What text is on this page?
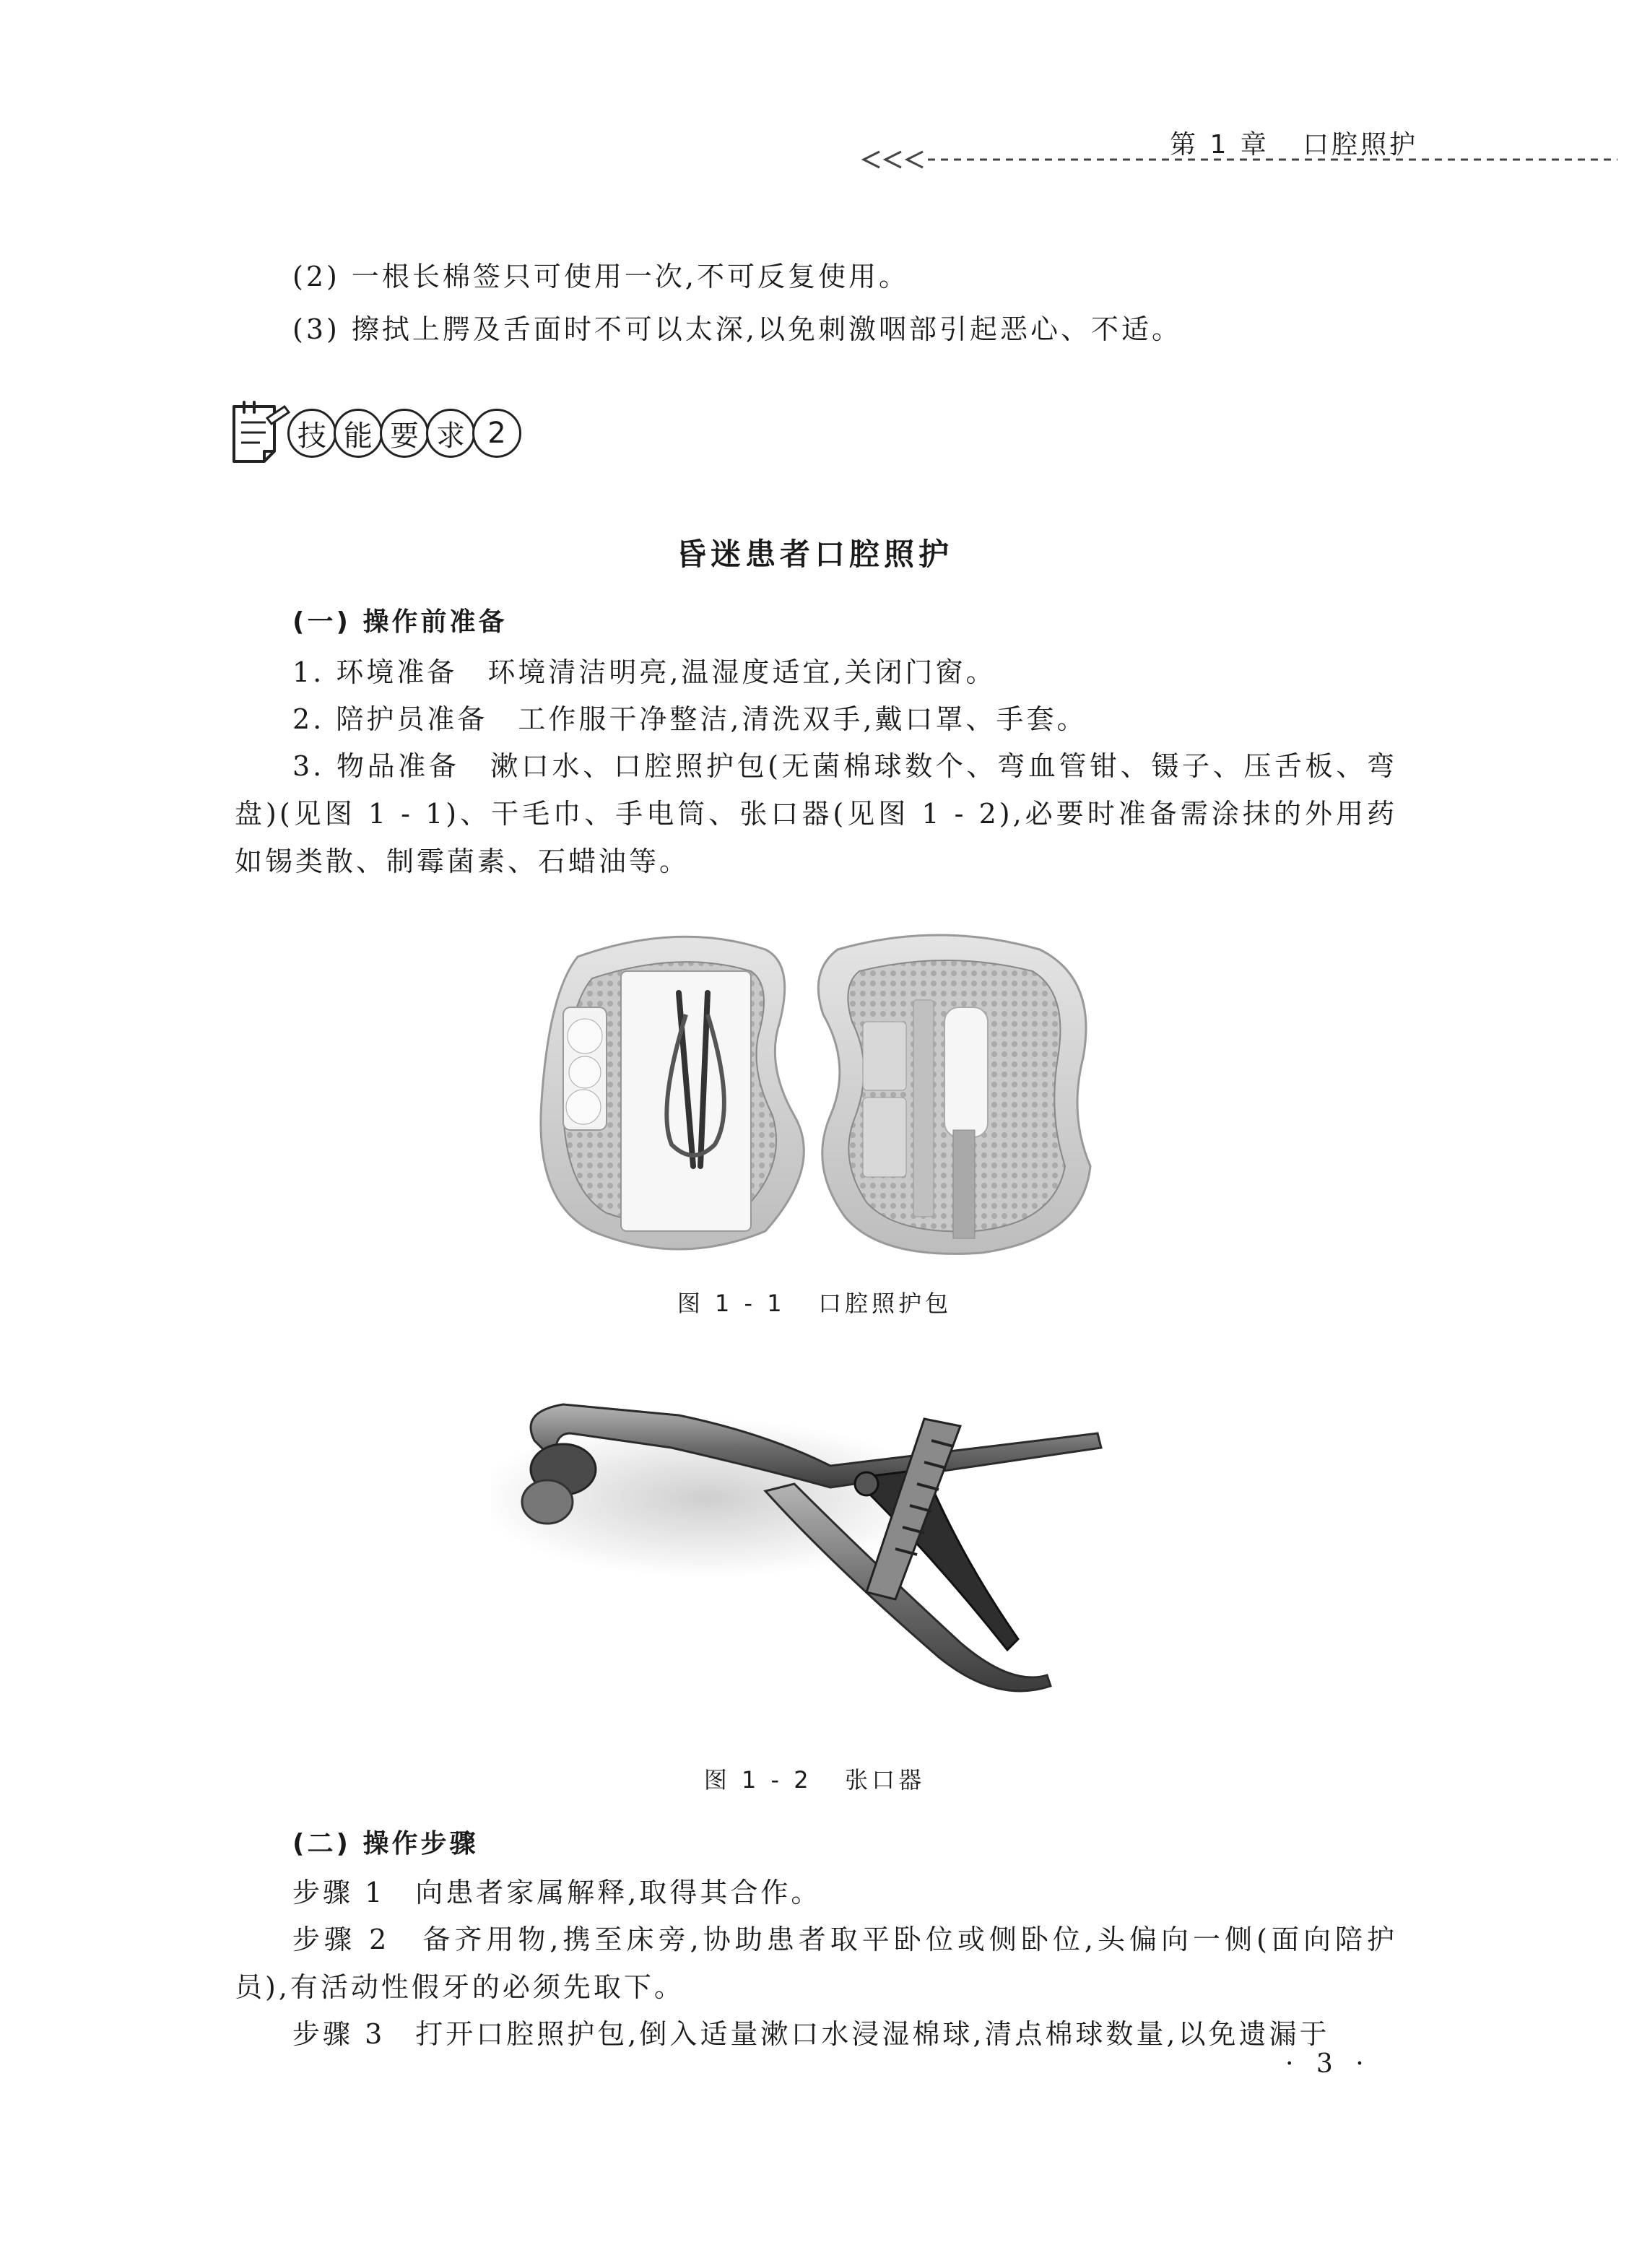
第 1 章   口腔照护
(2) 一根长棉签只可使用一次,不可反复使用。
(3) 擦拭上腭及舌面时不可以太深,以免刺激咽部引起恶心、不适。
技 能 要 求 2
昏迷患者口腔照护
(一) 操作前准备
1. 环境准备　环境清洁明亮,温湿度适宜,关闭门窗。
2. 陪护员准备　工作服干净整洁,清洗双手,戴口罩、手套。
3. 物品准备　漱口水、口腔照护包(无菌棉球数个、弯血管钳、镊子、压舌板、弯盘)(见图 1 - 1)、干毛巾、手电筒、张口器(见图 1 - 2),必要时准备需涂抹的外用药如锡类散、制霉菌素、石蜡油等。
图 1 - 1   口腔照护包
图 1 - 2   张口器
(二) 操作步骤
步骤 1　向患者家属解释,取得其合作。
步骤 2　备齐用物,携至床旁,协助患者取平卧位或侧卧位,头偏向一侧(面向陪护员),有活动性假牙的必须先取下。
步骤 3　打开口腔照护包,倒入适量漱口水浸湿棉球,清点棉球数量,以免遗漏于
· 3 ·
